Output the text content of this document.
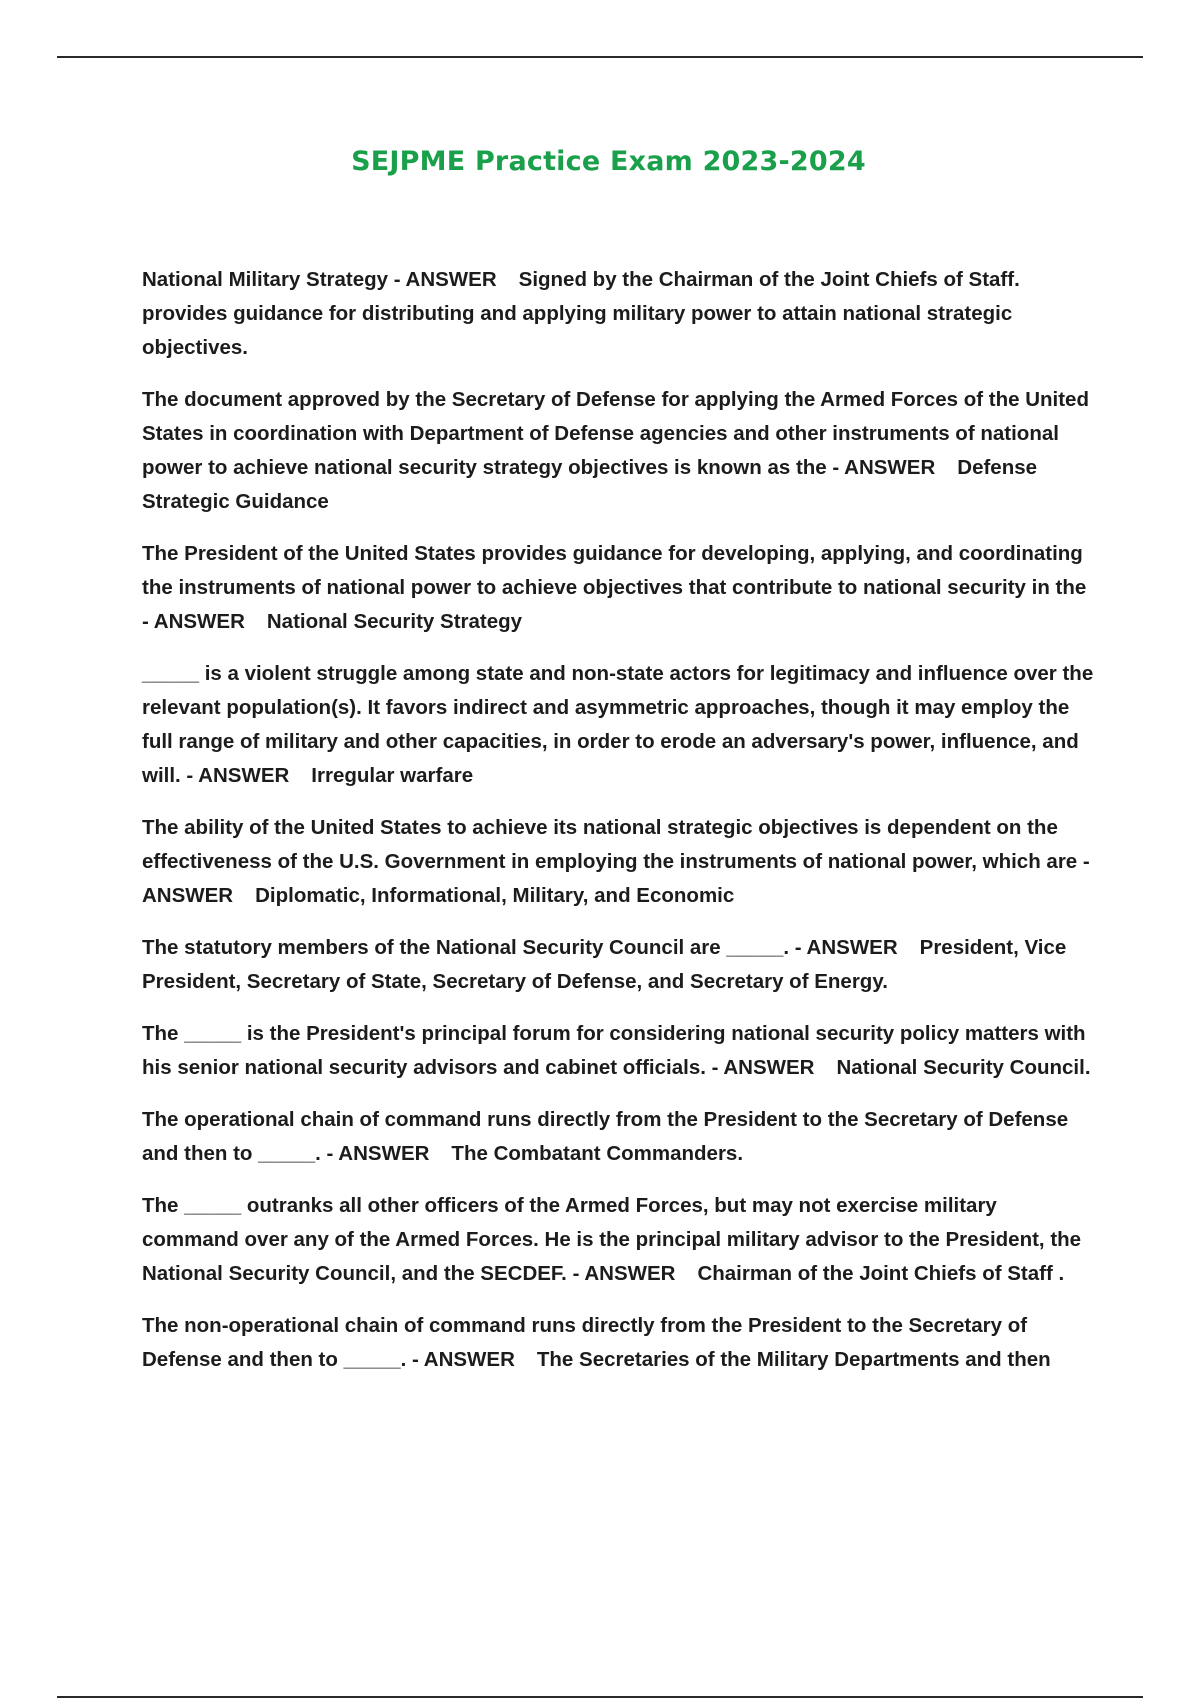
SEJPME Practice Exam 2023-2024

National Military Strategy - ANSWER Signed by the Chairman of the Joint Chiefs of Staff. provides guidance for distributing and applying military power to attain national strategic objectives.

The document approved by the Secretary of Defense for applying the Armed Forces of the United States in coordination with Department of Defense agencies and other instruments of national power to achieve national security strategy objectives is known as the - ANSWER Defense Strategic Guidance

The President of the United States provides guidance for developing, applying, and coordinating the instruments of national power to achieve objectives that contribute to national security in the - ANSWER National Security Strategy

_____ is a violent struggle among state and non-state actors for legitimacy and influence over the relevant population(s). It favors indirect and asymmetric approaches, though it may employ the full range of military and other capacities, in order to erode an adversary's power, influence, and will. - ANSWER Irregular warfare

The ability of the United States to achieve its national strategic objectives is dependent on the effectiveness of the U.S. Government in employing the instruments of national power, which are - ANSWER Diplomatic, Informational, Military, and Economic

The statutory members of the National Security Council are _____. - ANSWER President, Vice President, Secretary of State, Secretary of Defense, and Secretary of Energy.

The _____ is the President's principal forum for considering national security policy matters with his senior national security advisors and cabinet officials. - ANSWER National Security Council.

The operational chain of command runs directly from the President to the Secretary of Defense and then to _____. - ANSWER The Combatant Commanders.

The _____ outranks all other officers of the Armed Forces, but may not exercise military command over any of the Armed Forces. He is the principal military advisor to the President, the National Security Council, and the SECDEF. - ANSWER Chairman of the Joint Chiefs of Staff .

The non-operational chain of command runs directly from the President to the Secretary of Defense and then to _____. - ANSWER The Secretaries of the Military Departments and then
